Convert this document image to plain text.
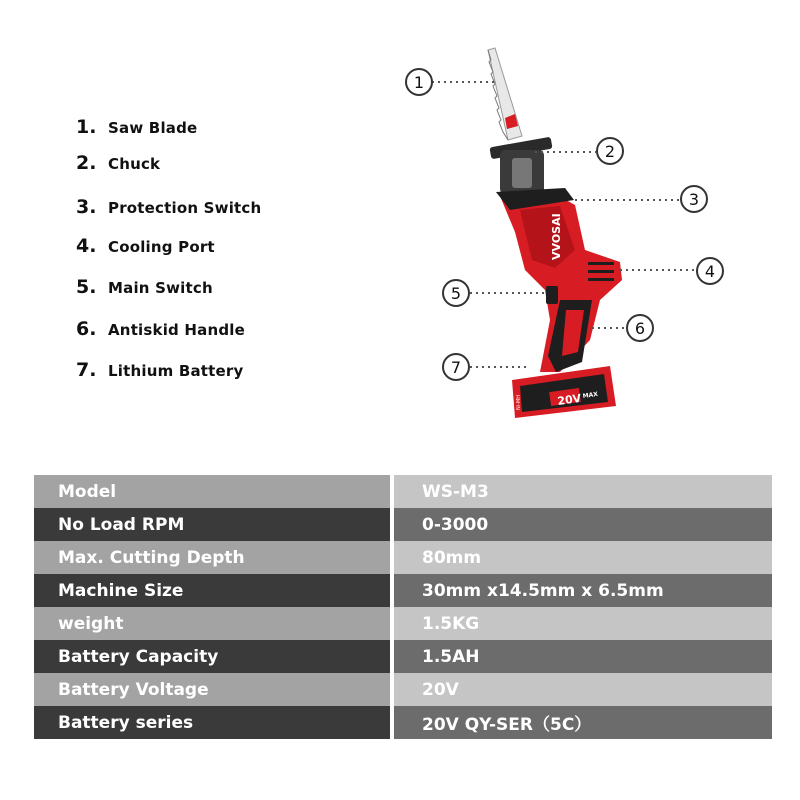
1. Saw Blade
2. Chuck
3. Protection Switch
4. Cooling Port
5. Main Switch
6. Antiskid Handle
7. Lithium Battery
VVOSAI
20V MAX
Ni-MH
1
2
3
4
5
6
7
Model	WS-M3
No Load RPM	0-3000
Max. Cutting Depth	80mm
Machine Size	30mm x14.5mm x 6.5mm
weight	1.5KG
Battery Capacity	1.5AH
Battery Voltage	20V
Battery series	20V QY-SER（5C）
